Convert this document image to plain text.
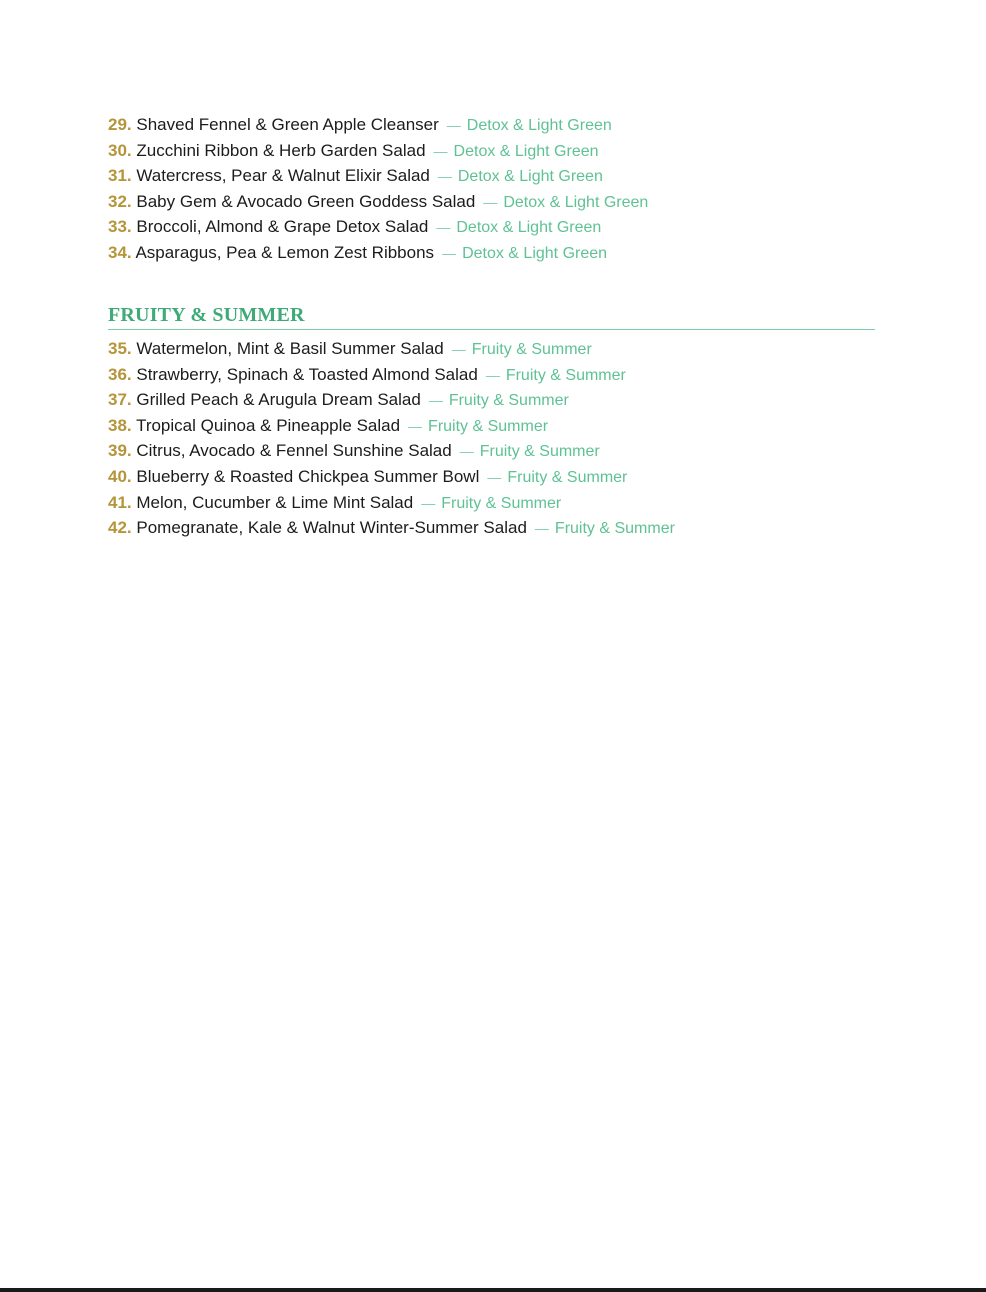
29. Shaved Fennel & Green Apple Cleanser — Detox & Light Green
30. Zucchini Ribbon & Herb Garden Salad — Detox & Light Green
31. Watercress, Pear & Walnut Elixir Salad — Detox & Light Green
32. Baby Gem & Avocado Green Goddess Salad — Detox & Light Green
33. Broccoli, Almond & Grape Detox Salad — Detox & Light Green
34. Asparagus, Pea & Lemon Zest Ribbons — Detox & Light Green
FRUITY & SUMMER
35. Watermelon, Mint & Basil Summer Salad — Fruity & Summer
36. Strawberry, Spinach & Toasted Almond Salad — Fruity & Summer
37. Grilled Peach & Arugula Dream Salad — Fruity & Summer
38. Tropical Quinoa & Pineapple Salad — Fruity & Summer
39. Citrus, Avocado & Fennel Sunshine Salad — Fruity & Summer
40. Blueberry & Roasted Chickpea Summer Bowl — Fruity & Summer
41. Melon, Cucumber & Lime Mint Salad — Fruity & Summer
42. Pomegranate, Kale & Walnut Winter-Summer Salad — Fruity & Summer
